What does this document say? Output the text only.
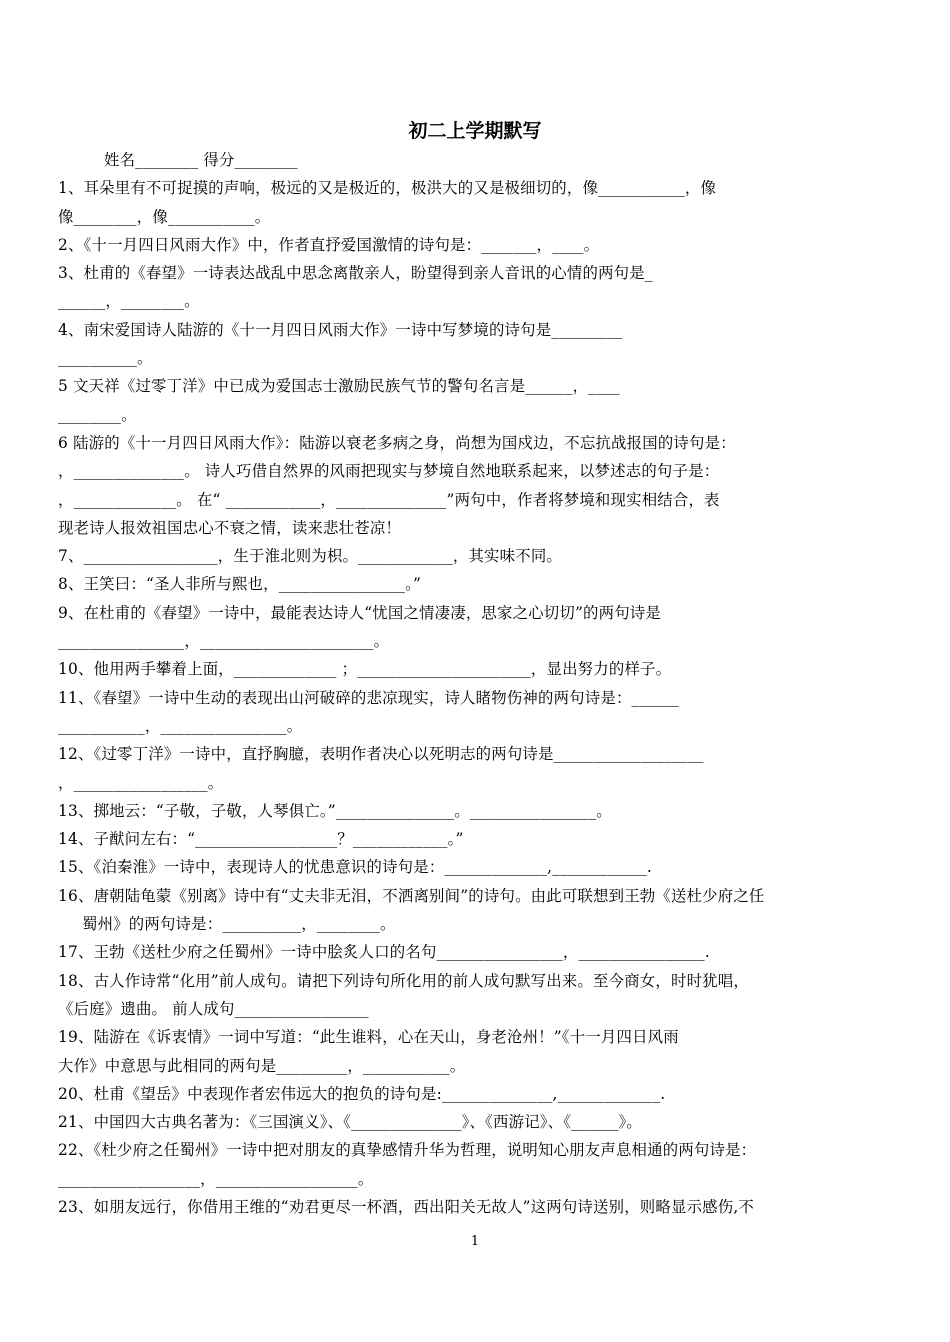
初二上学期默写
姓名________ 得分________
1、耳朵里有不可捉摸的声响，极远的又是极近的，极洪大的又是极细切的，像___________，像
像________，像___________。
2、《十一月四日风雨大作》中，作者直抒爱国激情的诗句是：_______，____。
3、杜甫的《春望》一诗表达战乱中思念离散亲人，盼望得到亲人音讯的心情的两句是_
______，________。
4、南宋爱国诗人陆游的《十一月四日风雨大作》一诗中写梦境的诗句是_________
__________。
5 文天祥《过零丁洋》中已成为爱国志士激励民族气节的警句名言是______，____
________。
6 陆游的《十一月四日风雨大作》：陆游以衰老多病之身，尚想为国戍边，不忘抗战报国的诗句是：
，______________。 诗人巧借自然界的风雨把现实与梦境自然地联系起来，以梦述志的句子是：
，_____________。 在“ ____________，______________”两句中，作者将梦境和现实相结合，表
现老诗人报效祖国忠心不衰之情，读来悲壮苍凉！
7、_________________，生于淮北则为枳。____________，其实味不同。
8、王笑曰：“圣人非所与熙也，________________。”
9、在杜甫的《春望》一诗中，最能表达诗人“忧国之情凄凄，思家之心切切”的两句诗是
________________，______________________。
10、他用两手攀着上面，_____________ ；______________________，显出努力的样子。
11、《春望》一诗中生动的表现出山河破碎的悲凉现实，诗人睹物伤神的两句诗是：______
___________，________________。
12、《过零丁洋》一诗中，直抒胸臆，表明作者决心以死明志的两句诗是___________________
，_________________。
13、掷地云：“子敬，子敬，人琴俱亡。”_______________。________________。
14、子猷问左右：“__________________？____________。”
15、《泊秦淮》一诗中，表现诗人的忧患意识的诗句是：_____________,____________.
16、唐朝陆龟蒙《别离》诗中有“丈夫非无泪，不洒离别间”的诗句。由此可联想到王勃《送杜少府之任
蜀州》的两句诗是：__________，________。
17、王勃《送杜少府之任蜀州》一诗中脍炙人口的名句________________，________________.
18、古人作诗常“化用”前人成句。请把下列诗句所化用的前人成句默写出来。至今商女，时时犹唱，
《后庭》遗曲。 前人成句_________________
19、陆游在《诉衷情》一词中写道：“此生谁料，心在天山，身老沧州！”《十一月四日风雨
大作》中意思与此相同的两句是_________，___________。
20、杜甫《望岳》中表现作者宏伟远大的抱负的诗句是:______________,_____________.
21、中国四大古典名著为：《三国演义》、《______________》、《西游记》、《______》。
22、《杜少府之任蜀州》一诗中把对朋友的真挚感情升华为哲理，说明知心朋友声息相通的两句诗是：
__________________，__________________。
23、如朋友远行，你借用王维的“劝君更尽一杯酒，西出阳关无故人”这两句诗送别，则略显示感伤,不
1
